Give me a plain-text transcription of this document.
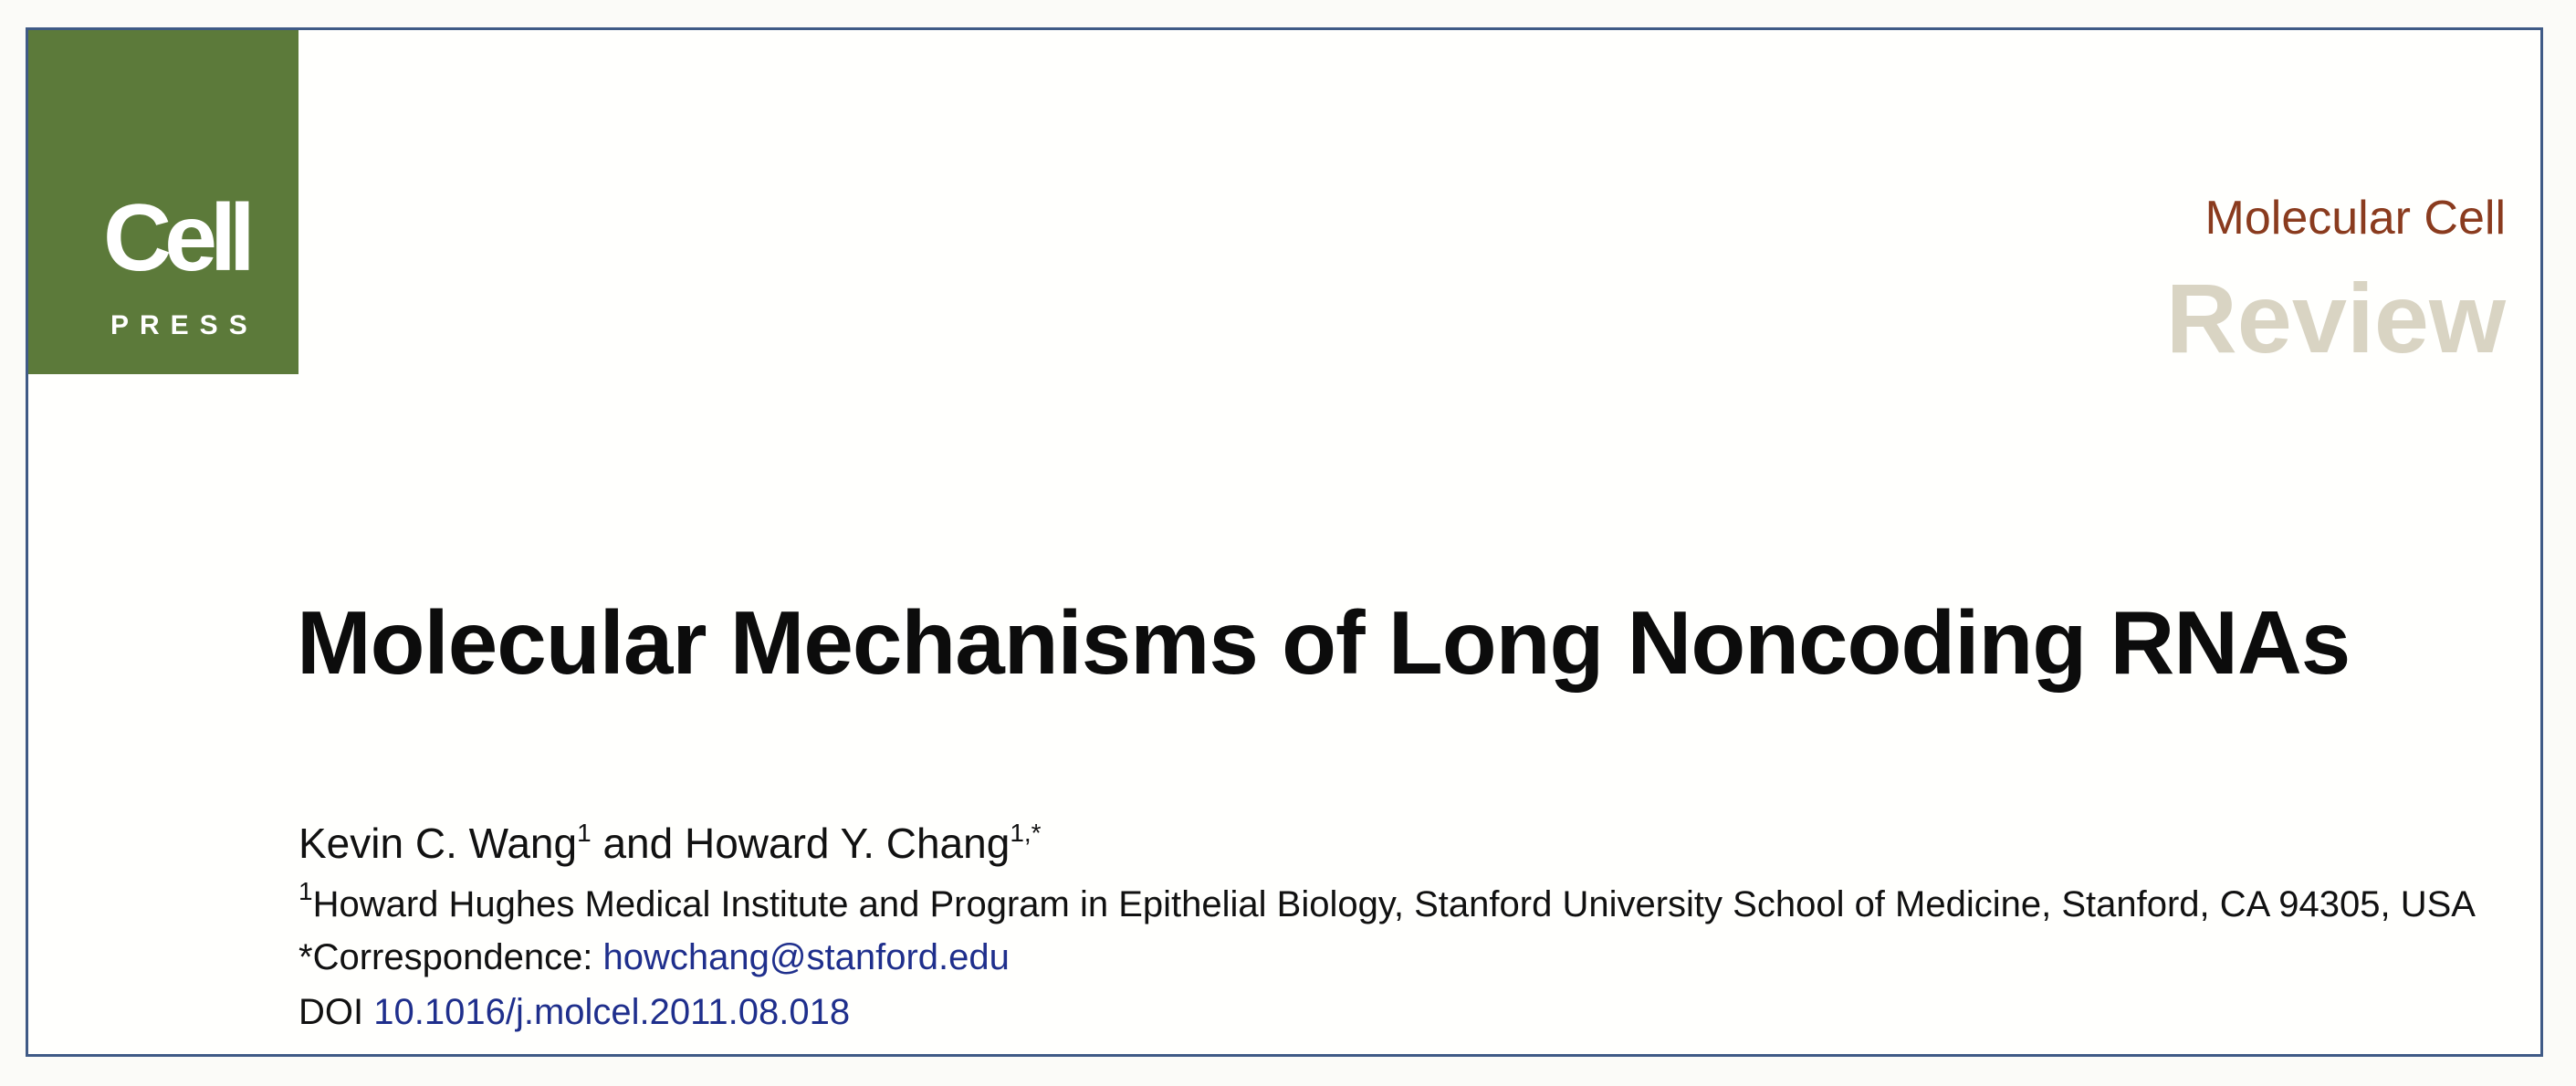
Cell
PRESS
Molecular Cell
Review
Molecular Mechanisms of Long Noncoding RNAs
Kevin C. Wang$^1$ and Howard Y. Chang$^{1,*}$
$^1$Howard Hughes Medical Institute and Program in Epithelial Biology, Stanford University School of Medicine, Stanford, CA 94305, USA
*Correspondence: howchang@stanford.edu
DOI 10.1016/j.molcel.2011.08.018
